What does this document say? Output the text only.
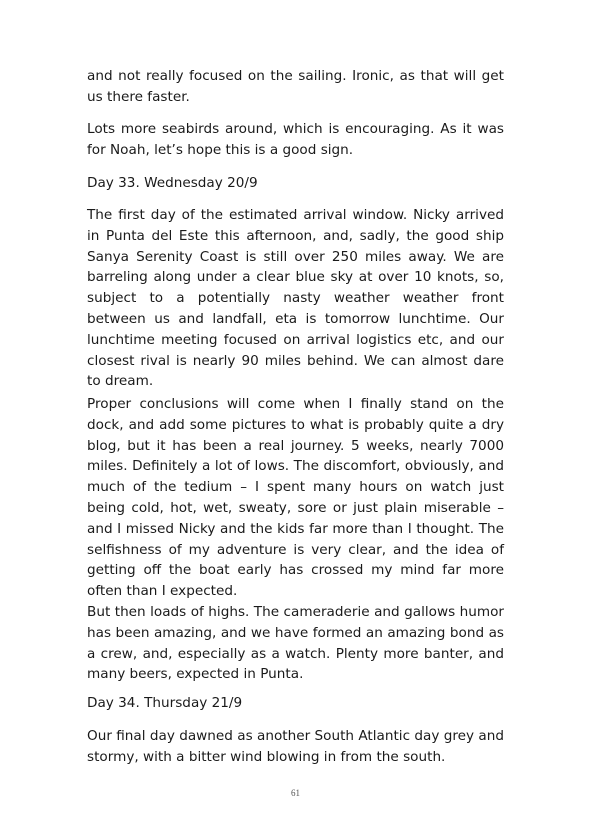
and not really focused on the sailing. Ironic, as that will get us there faster.

Lots more seabirds around, which is encouraging. As it was for Noah, let’s hope this is a good sign.

Day 33. Wednesday 20/9

The first day of the estimated arrival window. Nicky arrived in Punta del Este this afternoon, and, sadly, the good ship Sanya Serenity Coast is still over 250 miles away. We are barreling along under a clear blue sky at over 10 knots, so, subject to a potentially nasty weather weather front between us and landfall, eta is tomorrow lunchtime. Our lunchtime meeting focused on arrival logistics etc, and our closest rival is nearly 90 miles behind. We can almost dare to dream.

Proper conclusions will come when I finally stand on the dock, and add some pictures to what is probably quite a dry blog, but it has been a real journey. 5 weeks, nearly 7000 miles. Definitely a lot of lows. The discomfort, obviously, and much of the tedium – I spent many hours on watch just being cold, hot, wet, sweaty, sore or just plain miserable – and I missed Nicky and the kids far more than I thought. The selfishness of my adventure is very clear, and the idea of getting off the boat early has crossed my mind far more often than I expected.

But then loads of highs. The cameraderie and gallows humor has been amazing, and we have formed an amazing bond as a crew, and, especially as a watch. Plenty more banter, and many beers, expected in Punta.

Day 34. Thursday 21/9

Our final day dawned as another South Atlantic day grey and stormy, with a bitter wind blowing in from the south.

61
